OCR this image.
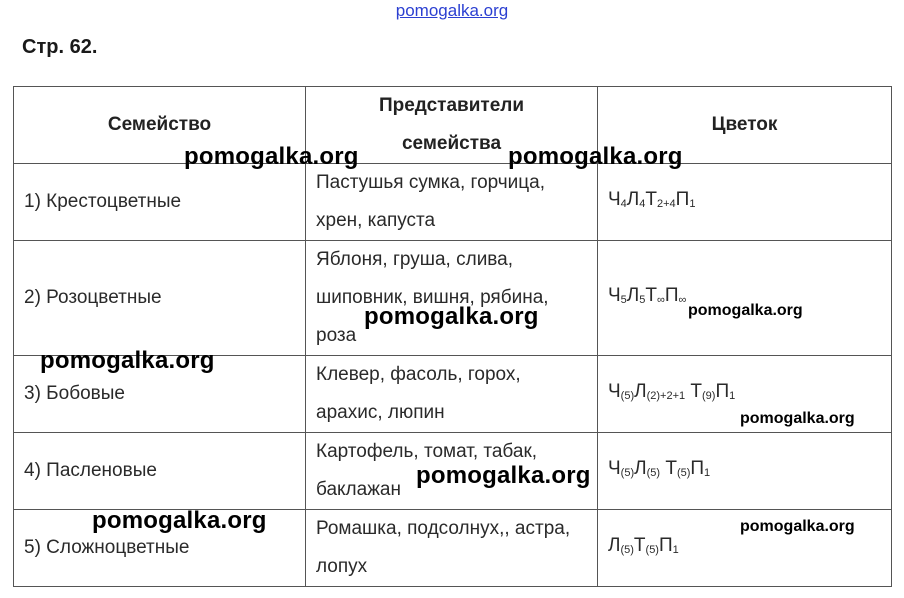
pomogalka.org
Стр. 62.
Семейство	Представители семейства	Цветок
1) Крестоцветные	Пастушья сумка, горчица, хрен, капуста	Ч4Л4Т2+4П1
2) Розоцветные	Яблоня, груша, слива, шиповник, вишня, рябина, роза	Ч5Л5Т∞П∞
3) Бобовые	Клевер, фасоль, горох, арахис, люпин	Ч(5)Л(2)+2+1 Т(9)П1
4) Пасленовые	Картофель, томат, табак, баклажан	Ч(5)Л(5) Т(5)П1
5) Сложноцветные	Ромашка, подсолнух,, астра, лопух	Л(5)Т(5)П1
pomogalka.org	pomogalka.org
pomogalka.org
pomogalka.org
pomogalka.org
pomogalka.org
pomogalka.org
pomogalka.org
pomogalka.org
